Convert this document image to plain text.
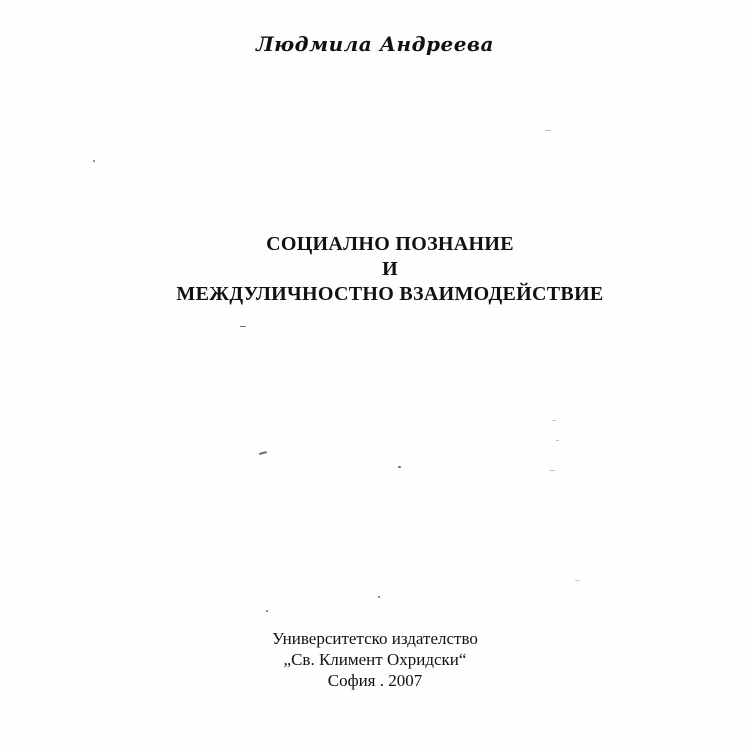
Людмила Андреева
СОЦИАЛНО ПОЗНАНИЕ
И
МЕЖДУЛИЧНОСТНО ВЗАИМОДЕЙСТВИЕ
Университетско издателство
„Св. Климент Охридски“
София . 2007
